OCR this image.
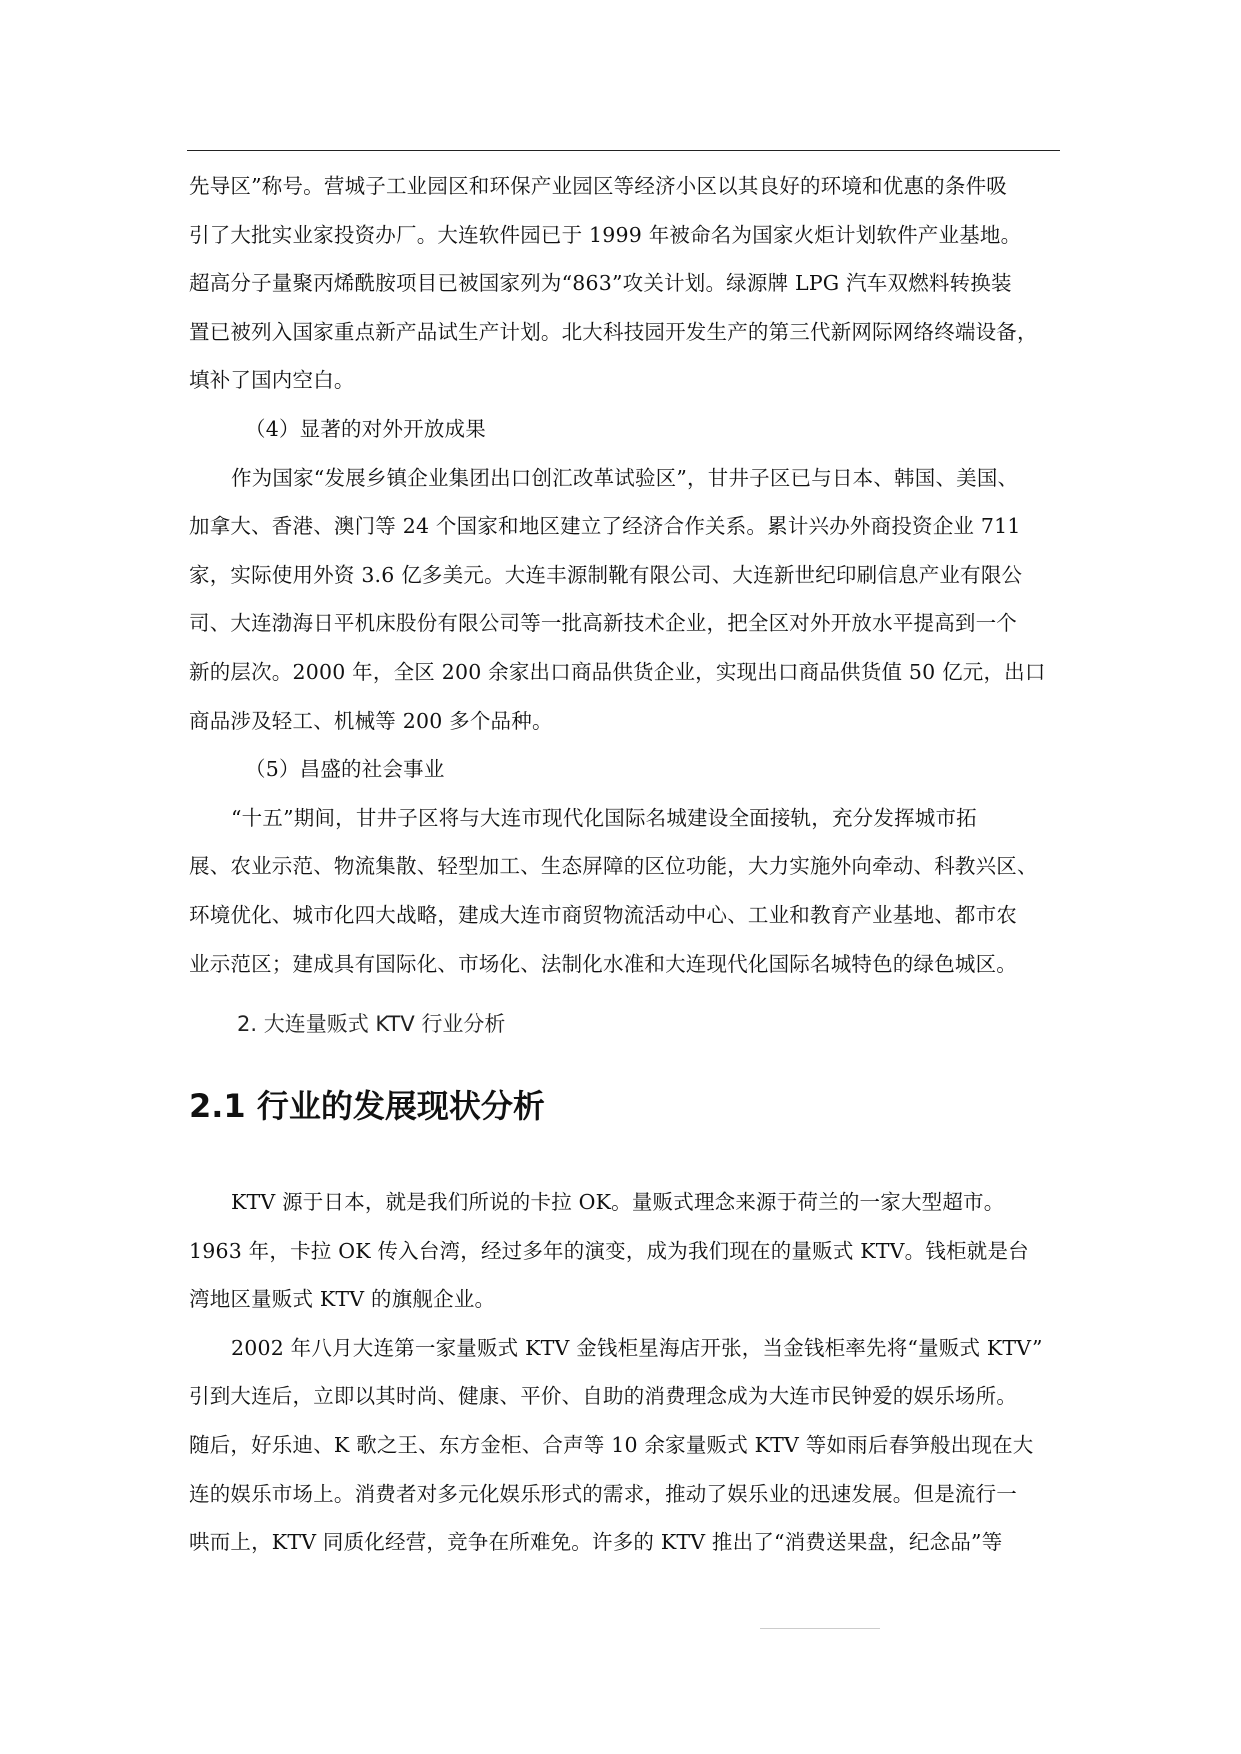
先导区”称号。营城子工业园区和环保产业园区等经济小区以其良好的环境和优惠的条件吸
引了大批实业家投资办厂。大连软件园已于 1999 年被命名为国家火炬计划软件产业基地。
超高分子量聚丙烯酰胺项目已被国家列为“863”攻关计划。绿源牌 LPG 汽车双燃料转换装
置已被列入国家重点新产品试生产计划。北大科技园开发生产的第三代新网际网络终端设备，
填补了国内空白。
（4）显著的对外开放成果
作为国家“发展乡镇企业集团出口创汇改革试验区”，甘井子区已与日本、韩国、美国、
加拿大、香港、澳门等 24 个国家和地区建立了经济合作关系。累计兴办外商投资企业 711
家，实际使用外资 3.6 亿多美元。大连丰源制靴有限公司、大连新世纪印刷信息产业有限公
司、大连渤海日平机床股份有限公司等一批高新技术企业，把全区对外开放水平提高到一个
新的层次。2000 年，全区 200 余家出口商品供货企业，实现出口商品供货值 50 亿元，出口
商品涉及轻工、机械等 200 多个品种。
（5）昌盛的社会事业
“十五”期间，甘井子区将与大连市现代化国际名城建设全面接轨，充分发挥城市拓
展、农业示范、物流集散、轻型加工、生态屏障的区位功能，大力实施外向牵动、科教兴区、
环境优化、城市化四大战略，建成大连市商贸物流活动中心、工业和教育产业基地、都市农
业示范区；建成具有国际化、市场化、法制化水准和大连现代化国际名城特色的绿色城区。
2. 大连量贩式 KTV 行业分析
2.1 行业的发展现状分析
KTV 源于日本，就是我们所说的卡拉 OK。量贩式理念来源于荷兰的一家大型超市。
1963 年，卡拉 OK 传入台湾，经过多年的演变，成为我们现在的量贩式 KTV。钱柜就是台
湾地区量贩式 KTV 的旗舰企业。
2002 年八月大连第一家量贩式 KTV 金钱柜星海店开张，当金钱柜率先将“量贩式 KTV”
引到大连后，立即以其时尚、健康、平价、自助的消费理念成为大连市民钟爱的娱乐场所。
随后，好乐迪、K 歌之王、东方金柜、合声等 10 余家量贩式 KTV 等如雨后春笋般出现在大
连的娱乐市场上。消费者对多元化娱乐形式的需求，推动了娱乐业的迅速发展。但是流行一
哄而上，KTV 同质化经营，竞争在所难免。许多的 KTV 推出了“消费送果盘，纪念品”等
